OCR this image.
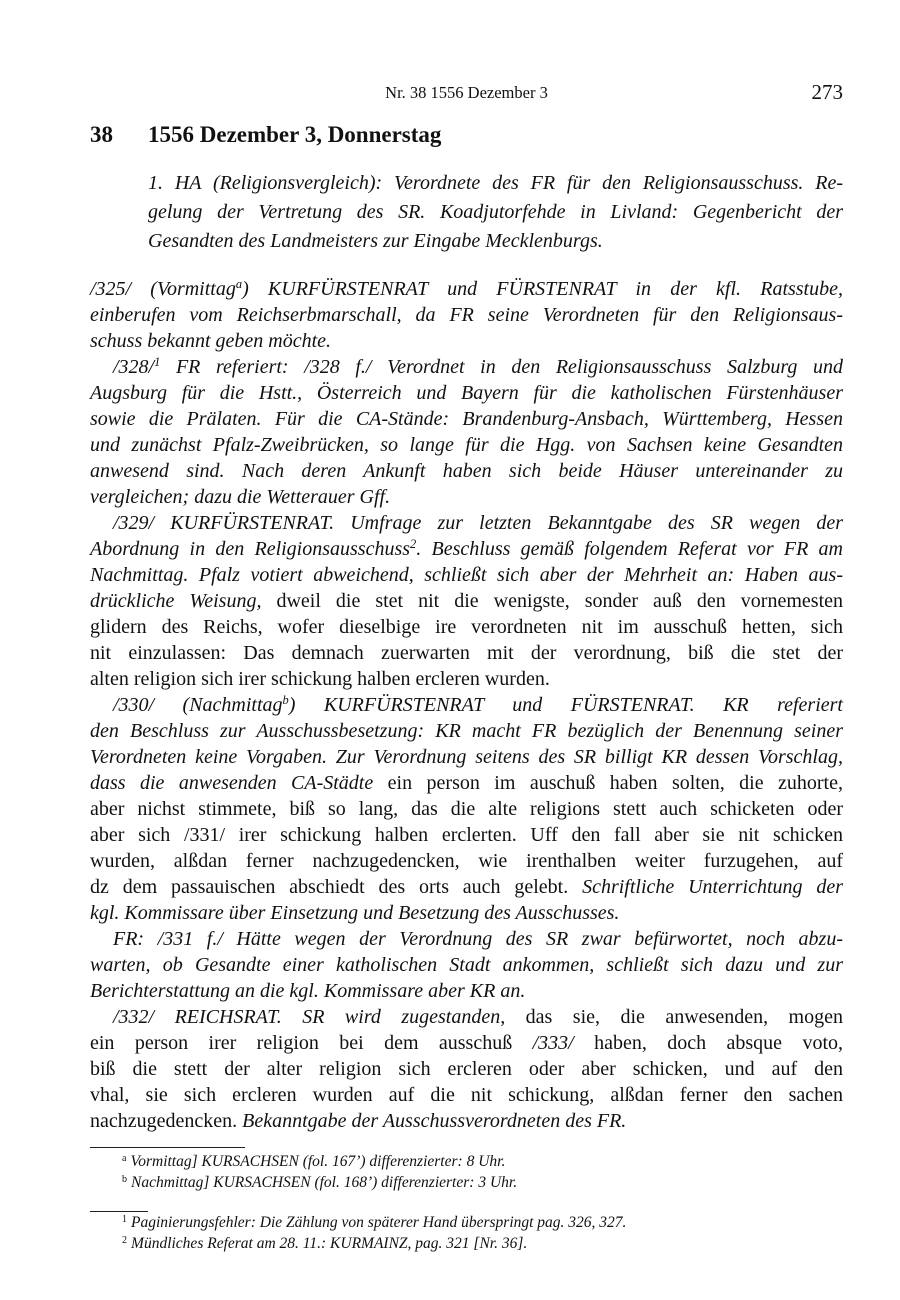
Nr. 38 1556 Dezember 3	273
38 1556 Dezember 3, Donnerstag
1. HA (Religionsvergleich): Verordnete des FR für den Religionsausschuss. Re-
gelung der Vertretung des SR. Koadjutorfehde in Livland: Gegenbericht der
Gesandten des Landmeisters zur Eingabe Mecklenburgs.
/325/ (Vormittag$^a$) KURFÜRSTENRAT und FÜRSTENRAT in der kfl. Ratsstube,
einberufen vom Reichserbmarschall, da FR seine Verordneten für den Religionsaus-
schuss bekannt geben möchte.
/328/$^1$ FR referiert: /328 f./ Verordnet in den Religionsausschuss Salzburg und
Augsburg für die Hstt., Österreich und Bayern für die katholischen Fürstenhäuser
sowie die Prälaten. Für die CA-Stände: Brandenburg-Ansbach, Württemberg, Hessen
und zunächst Pfalz-Zweibrücken, so lange für die Hgg. von Sachsen keine Gesandten
anwesend sind. Nach deren Ankunft haben sich beide Häuser untereinander zu
vergleichen; dazu die Wetterauer Gff.
/329/ KURFÜRSTENRAT. Umfrage zur letzten Bekanntgabe des SR wegen der
Abordnung in den Religionsausschuss$^2$. Beschluss gemäß folgendem Referat vor FR am
Nachmittag. Pfalz votiert abweichend, schließt sich aber der Mehrheit an: Haben aus-
drückliche Weisung, dweil die stet nit die wenigste, sonder auß den vornemesten
glidern des Reichs, wofer dieselbige ire verordneten nit im ausschuß hetten, sich
nit einzulassen: Das demnach zuerwarten mit der verordnung, biß die stet der
alten religion sich irer schickung halben ercleren wurden.
/330/ (Nachmittag$^b$) KURFÜRSTENRAT und FÜRSTENRAT. KR referiert
den Beschluss zur Ausschussbesetzung: KR macht FR bezüglich der Benennung seiner
Verordneten keine Vorgaben. Zur Verordnung seitens des SR billigt KR dessen Vorschlag,
dass die anwesenden CA-Städte ein person im auschuß haben solten, die zuhorte,
aber nichst stimmete, biß so lang, das die alte religions stett auch schicketen oder
aber sich /331/ irer schickung halben erclerten. Uff den fall aber sie nit schicken
wurden, alßdan ferner nachzugedencken, wie irenthalben weiter furzugehen, auf
dz dem passauischen abschiedt des orts auch gelebt. Schriftliche Unterrichtung der
kgl. Kommissare über Einsetzung und Besetzung des Ausschusses.
FR: /331 f./ Hätte wegen der Verordnung des SR zwar befürwortet, noch abzu-
warten, ob Gesandte einer katholischen Stadt ankommen, schließt sich dazu und zur
Berichterstattung an die kgl. Kommissare aber KR an.
/332/ REICHSRAT. SR wird zugestanden, das sie, die anwesenden, mogen
ein person irer religion bei dem ausschuß /333/ haben, doch absque voto,
biß die stett der alter religion sich ercleren oder aber schicken, und auf den
vhal, sie sich ercleren wurden auf die nit schickung, alßdan ferner den sachen
nachzugedencken. Bekanntgabe der Ausschussverordneten des FR.
$^a$ Vormittag] KURSACHSEN (fol. 167’) differenzierter: 8 Uhr.
$^b$ Nachmittag] KURSACHSEN (fol. 168’) differenzierter: 3 Uhr.
$^1$ Paginierungsfehler: Die Zählung von späterer Hand überspringt pag. 326, 327.
$^2$ Mündliches Referat am 28. 11.: KURMAINZ, pag. 321 [Nr. 36].
